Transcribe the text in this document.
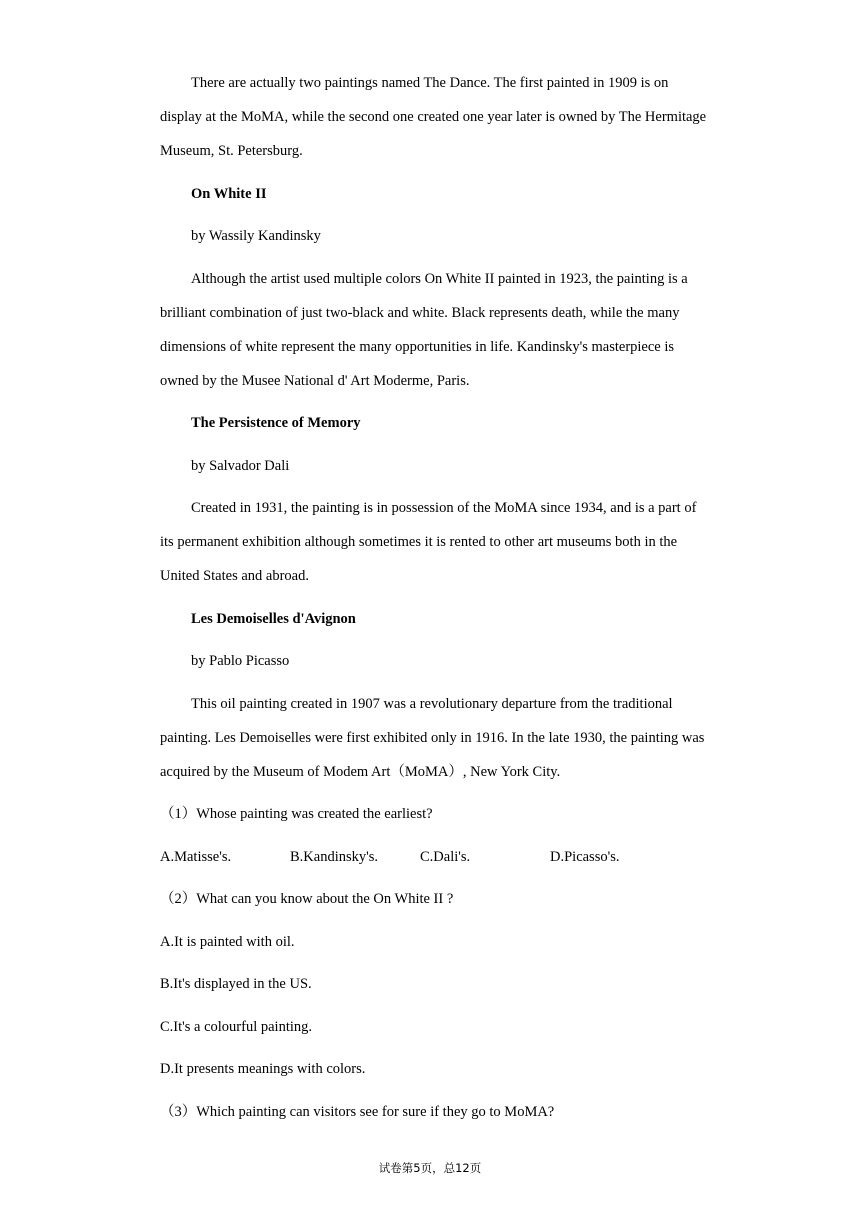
There are actually two paintings named The Dance. The first painted in 1909 is on
display at the MoMA, while the second one created one year later is owned by The Hermitage
Museum, St. Petersburg.
On White II
by Wassily Kandinsky
Although the artist used multiple colors On White II painted in 1923, the painting is a
brilliant combination of just two-black and white. Black represents death, while the many
dimensions of white represent the many opportunities in life. Kandinsky's masterpiece is
owned by the Musee National d' Art Moderme, Paris.
The Persistence of Memory
by Salvador Dali
Created in 1931, the painting is in possession of the MoMA since 1934, and is a part of
its permanent exhibition although sometimes it is rented to other art museums both in the
United States and abroad.
Les Demoiselles d'Avignon
by Pablo Picasso
This oil painting created in 1907 was a revolutionary departure from the traditional
painting. Les Demoiselles were first exhibited only in 1916. In the late 1930, the painting was
acquired by the Museum of Modem Art（MoMA）, New York City.
（1）Whose painting was created the earliest?
A.Matisse's.	B.Kandinsky's.	C.Dali's.	D.Picasso's.
（2）What can you know about the On White II ?
A.It is painted with oil.
B.It's displayed in the US.
C.It's a colourful painting.
D.It presents meanings with colors.
（3）Which painting can visitors see for sure if they go to MoMA?
试卷第5页，总12页
